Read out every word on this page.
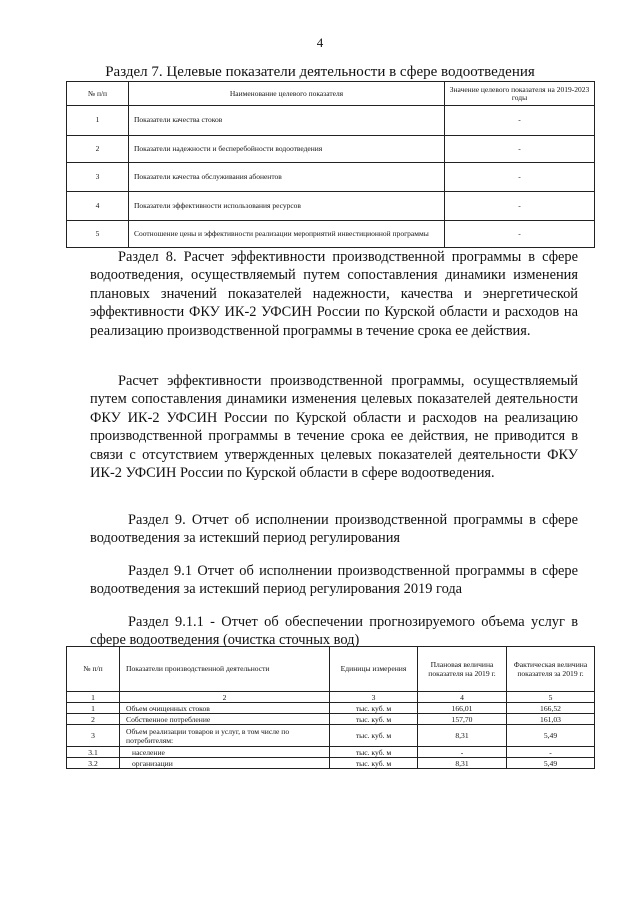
4
Раздел 7. Целевые показатели деятельности в сфере водоотведения
№ п/п	Наименование целевого показателя	Значение целевого показателя на 2019-2023 годы
1	Показатели качества стоков	-
2	Показатели надежности и бесперебойности водоотведения	-
3	Показатели качества обслуживания абонентов	-
4	Показатели эффективности использования ресурсов	-
5	Соотношение цены и эффективности реализации мероприятий инвестиционной программы	-

Раздел 8. Расчет эффективности производственной программы в сфере водоотведения, осуществляемый путем сопоставления динамики изменения плановых значений показателей надежности, качества и энергетической эффективности ФКУ ИК-2 УФСИН России по Курской области и расходов на реализацию производственной программы в течение срока ее действия.

Расчет эффективности производственной программы, осуществляемый путем сопоставления динамики изменения целевых показателей деятельности ФКУ ИК-2 УФСИН России по Курской области и расходов на реализацию производственной программы в течение срока ее действия, не приводится в связи с отсутствием утвержденных целевых показателей деятельности ФКУ ИК-2 УФСИН России по Курской области в сфере водоотведения.

Раздел 9. Отчет об исполнении производственной программы в сфере водоотведения за истекший период регулирования

Раздел 9.1 Отчет об исполнении производственной программы в сфере водоотведения за истекший период регулирования 2019 года

Раздел 9.1.1 - Отчет об обеспечении прогнозируемого объема услуг в сфере водоотведения (очистка сточных вод)

№ п/п	Показатели производственной деятельности	Единицы измерения	Плановая величина показателя на 2019 г.	Фактическая величина показателя за 2019 г.
1	2	3	4	5
1	Объем очищенных стоков	тыс. куб. м	166,01	166,52
2	Собственное потребление	тыс. куб. м	157,70	161,03
3	Объем реализации товаров и услуг, в том числе по потребителям:	тыс. куб. м	8,31	5,49
3.1	население	тыс. куб. м	-	-
3.2	организации	тыс. куб. м	8,31	5,49
